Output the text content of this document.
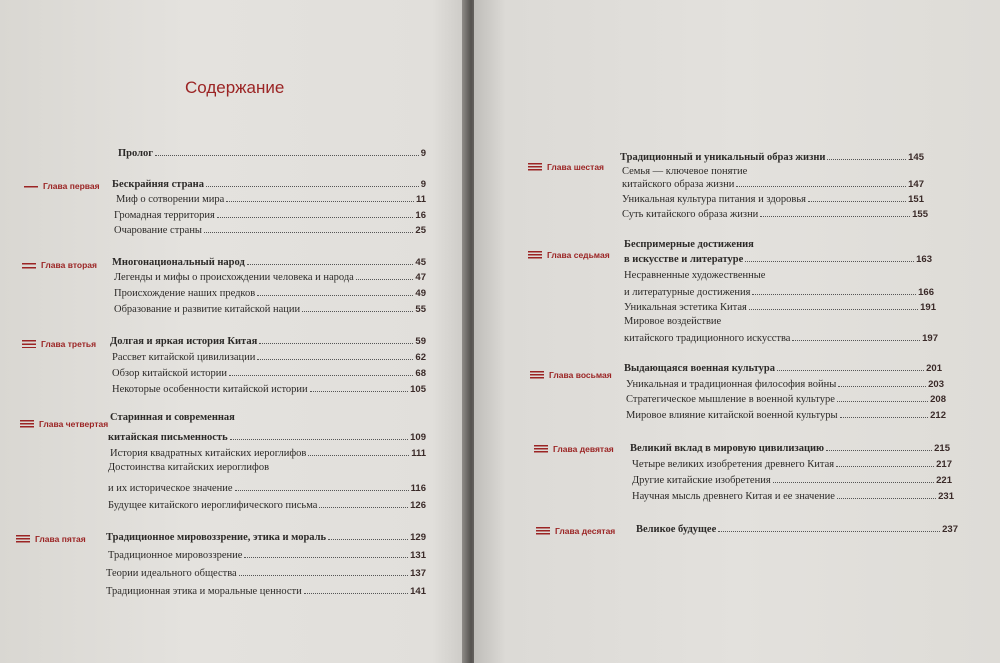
Содержание
Пролог	9
Глава первая Бескрайняя страна	9
Миф о сотворении мира	11
Громадная территория	16
Очарование страны	25
Глава вторая Многонациональный народ	45
Легенды и мифы о происхождении человека и народа	47
Происхождение наших предков	49
Образование и развитие китайской нации	55
Глава третья Долгая и яркая история Китая	59
Рассвет китайской цивилизации	62
Обзор китайской истории	68
Некоторые особенности китайской истории	105
Глава четвертая
Старинная и современная
китайская письменность	109
История квадратных китайских иероглифов	111
Достоинства китайских иероглифов
и их историческое значение	116
Будущее китайского иероглифического письма	126
Глава пятая Традиционное мировоззрение, этика и мораль	129
Традиционное мировоззрение	131
Теории идеального общества	137
Традиционная этика и моральные ценности	141
Глава шестая
Традиционный и уникальный образ жизни	145
Семья — ключевое понятие
китайского образа жизни	147
Уникальная культура питания и здоровья	151
Суть китайского образа жизни	155
Глава седьмая
Беспримерные достижения
в искусстве и литературе	163
Несравненные художественные
и литературные достижения	166
Уникальная эстетика Китая	191
Мировое воздействие
китайского традиционного искусства	197
Глава восьмая
Выдающаяся военная культура	201
Уникальная и традиционная философия войны	203
Стратегическое мышление в военной культуре	208
Мировое влияние китайской военной культуры	212
Глава девятая Великий вклад в мировую цивилизацию	215
Четыре великих изобретения древнего Китая	217
Другие китайские изобретения	221
Научная мысль древнего Китая и ее значение	231
Глава десятая Великое будущее	237
